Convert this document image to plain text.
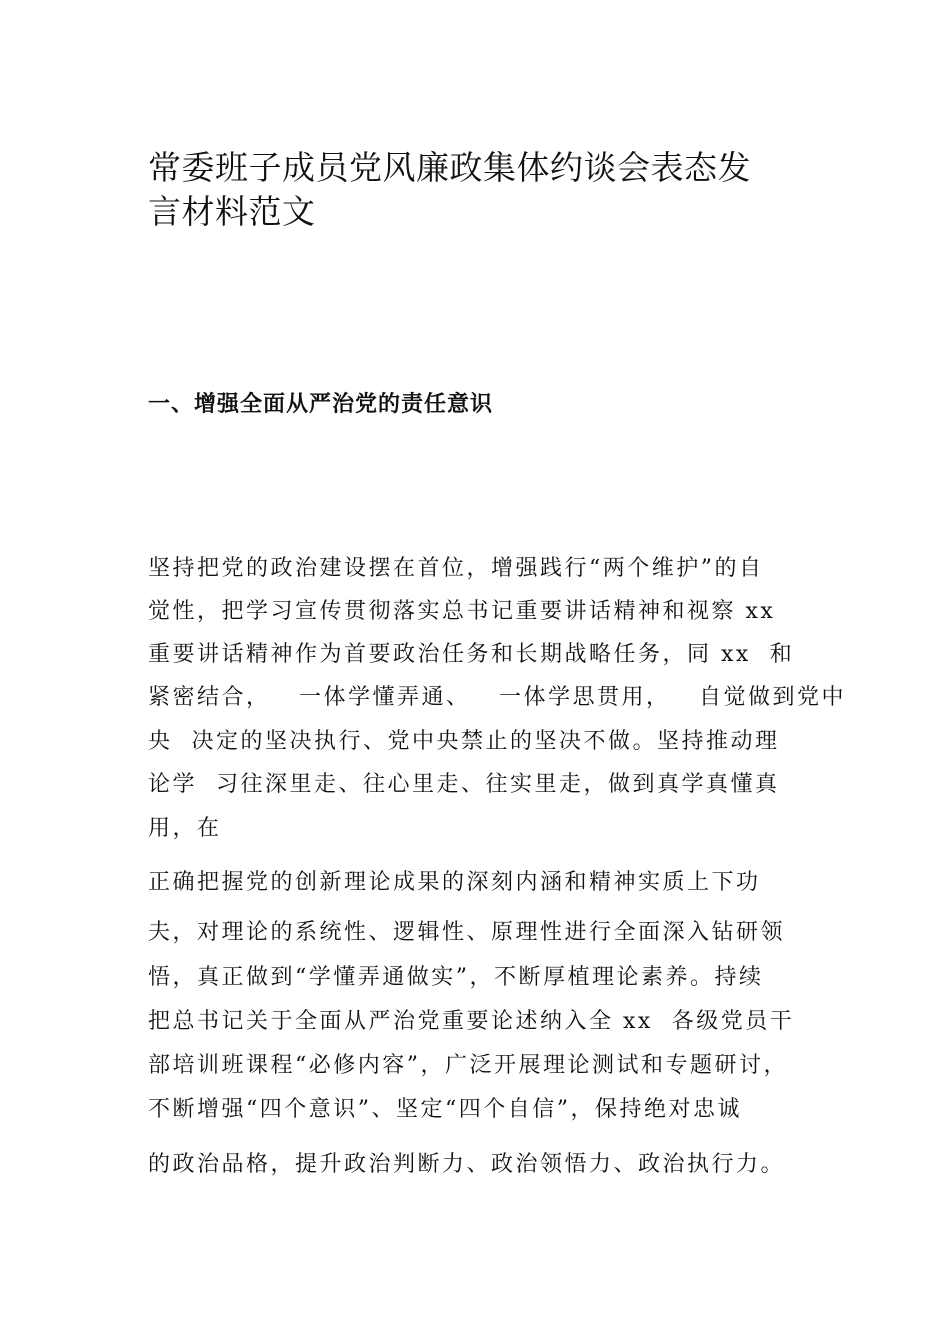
常委班子成员党风廉政集体约谈会表态发
言材料范文
一、增强全面从严治党的责任意识

坚持把党的政治建设摆在首位，增强践行“两个维护”的自

觉性，把学习宣传贯彻落实总书记重要讲话精神和视察 xx

重要讲话精神作为首要政治任务和长期战略任务，同 xx  和

紧密结合，   一体学懂弄通、   一体学思贯用，   自觉做到党中

央  决定的坚决执行、党中央禁止的坚决不做。坚持推动理

论学  习往深里走、往心里走、往实里走，做到真学真懂真

用，在

正确把握党的创新理论成果的深刻内涵和精神实质上下功

夫，对理论的系统性、逻辑性、原理性进行全面深入钻研领

悟，真正做到“学懂弄通做实”，不断厚植理论素养。持续

把总书记关于全面从严治党重要论述纳入全 xx  各级党员干

部培训班课程“必修内容”，广泛开展理论测试和专题研讨，

不断增强“四个意识”、坚定“四个自信”，保持绝对忠诚

的政治品格，提升政治判断力、政治领悟力、政治执行力。
